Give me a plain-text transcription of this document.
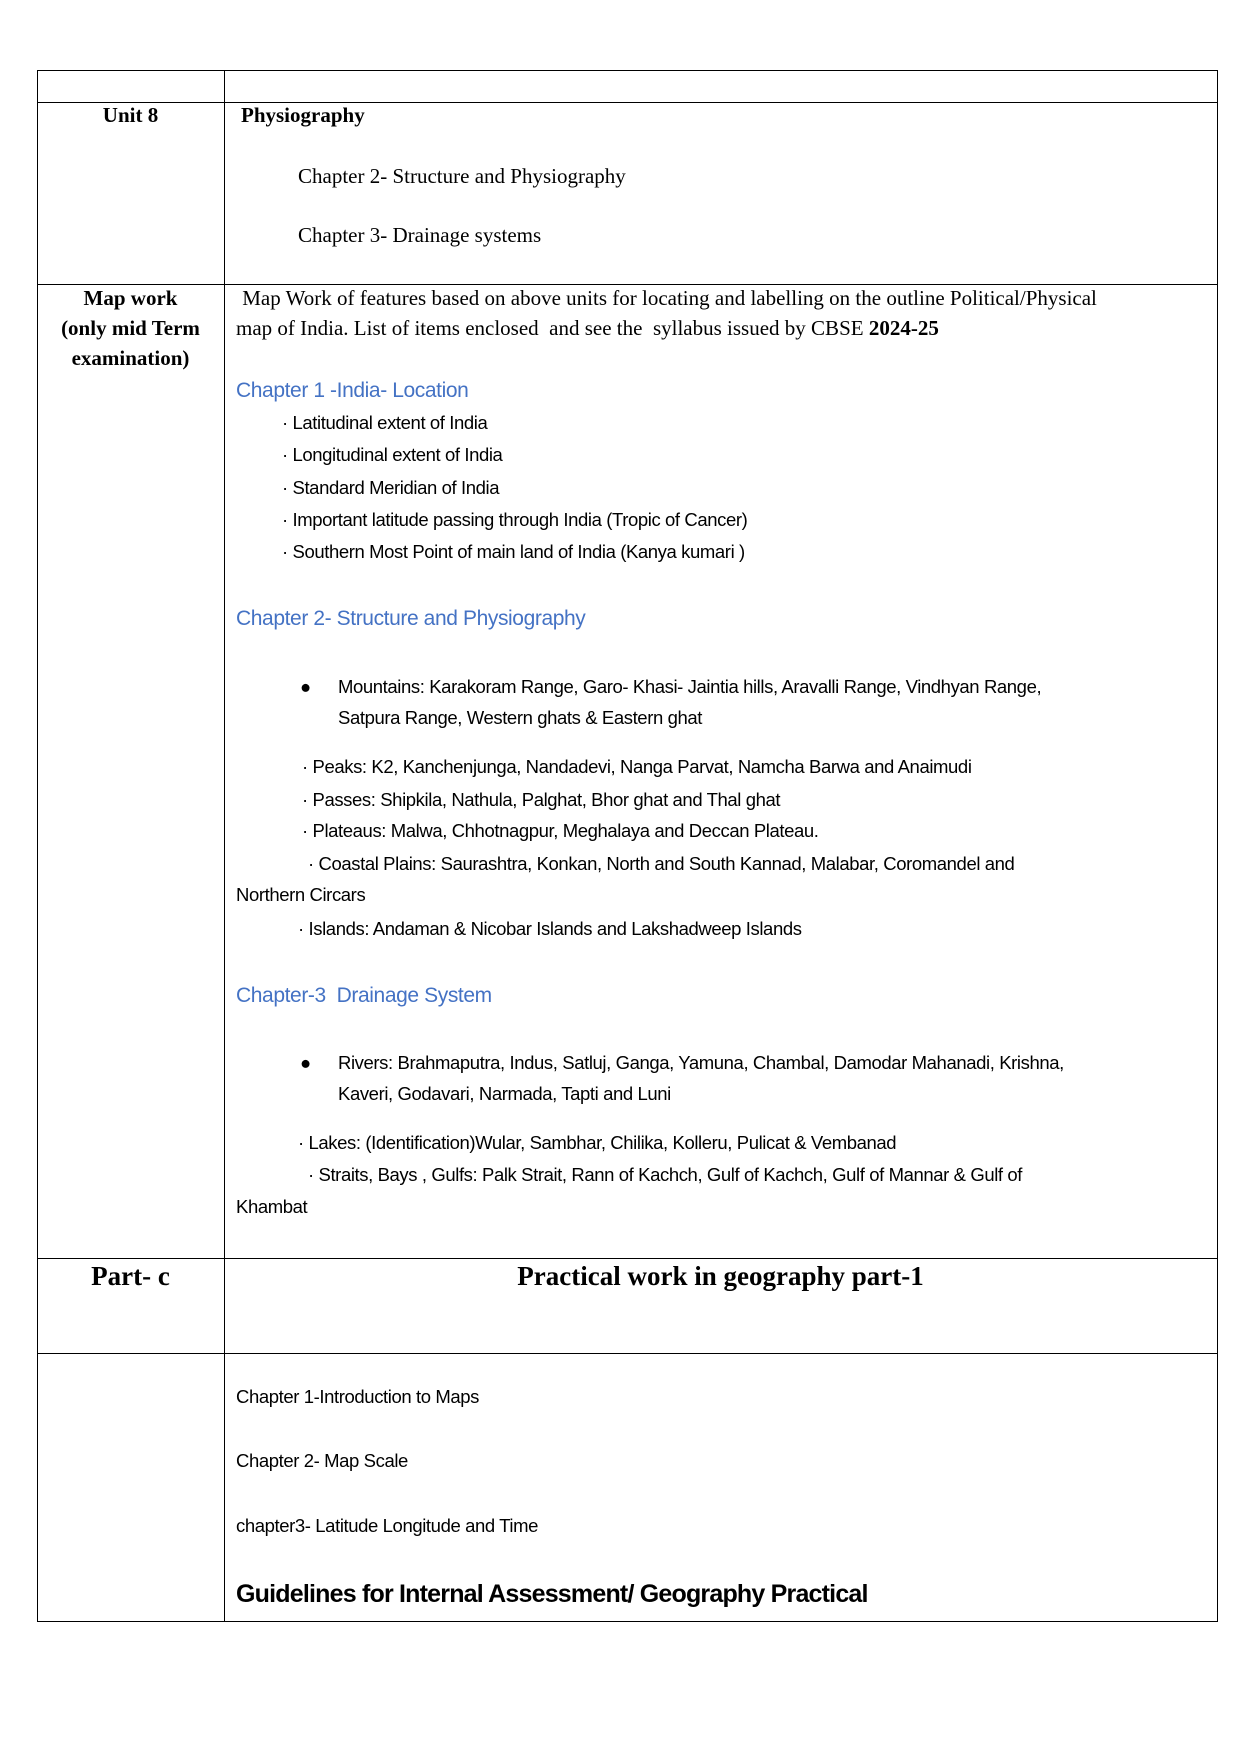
Unit 8	Physiography
Chapter 2- Structure and Physiography
Chapter 3- Drainage systems
Map work
(only mid Term
examination)
Map Work of features based on above units for locating and labelling on the outline Political/Physical
map of India. List of items enclosed  and see the  syllabus issued by CBSE 2024-25
Chapter 1 -India- Location
· Latitudinal extent of India
· Longitudinal extent of India
· Standard Meridian of India
· Important latitude passing through India (Tropic of Cancer)
· Southern Most Point of main land of India (Kanya kumari )
Chapter 2- Structure and Physiography
● Mountains: Karakoram Range, Garo- Khasi- Jaintia hills, Aravalli Range, Vindhyan Range,
Satpura Range, Western ghats & Eastern ghat
· Peaks: K2, Kanchenjunga, Nandadevi, Nanga Parvat, Namcha Barwa and Anaimudi
· Passes: Shipkila, Nathula, Palghat, Bhor ghat and Thal ghat
· Plateaus: Malwa, Chhotnagpur, Meghalaya and Deccan Plateau.
· Coastal Plains: Saurashtra, Konkan, North and South Kannad, Malabar, Coromandel and
Northern Circars
· Islands: Andaman & Nicobar Islands and Lakshadweep Islands
Chapter-3  Drainage System
● Rivers: Brahmaputra, Indus, Satluj, Ganga, Yamuna, Chambal, Damodar Mahanadi, Krishna,
Kaveri, Godavari, Narmada, Tapti and Luni
· Lakes: (Identification)Wular, Sambhar, Chilika, Kolleru, Pulicat & Vembanad
· Straits, Bays , Gulfs: Palk Strait, Rann of Kachch, Gulf of Kachch, Gulf of Mannar & Gulf of
Khambat
Part- c	Practical work in geography part-1
Chapter 1-Introduction to Maps
Chapter 2- Map Scale
chapter3- Latitude Longitude and Time
Guidelines for Internal Assessment/ Geography Practical
